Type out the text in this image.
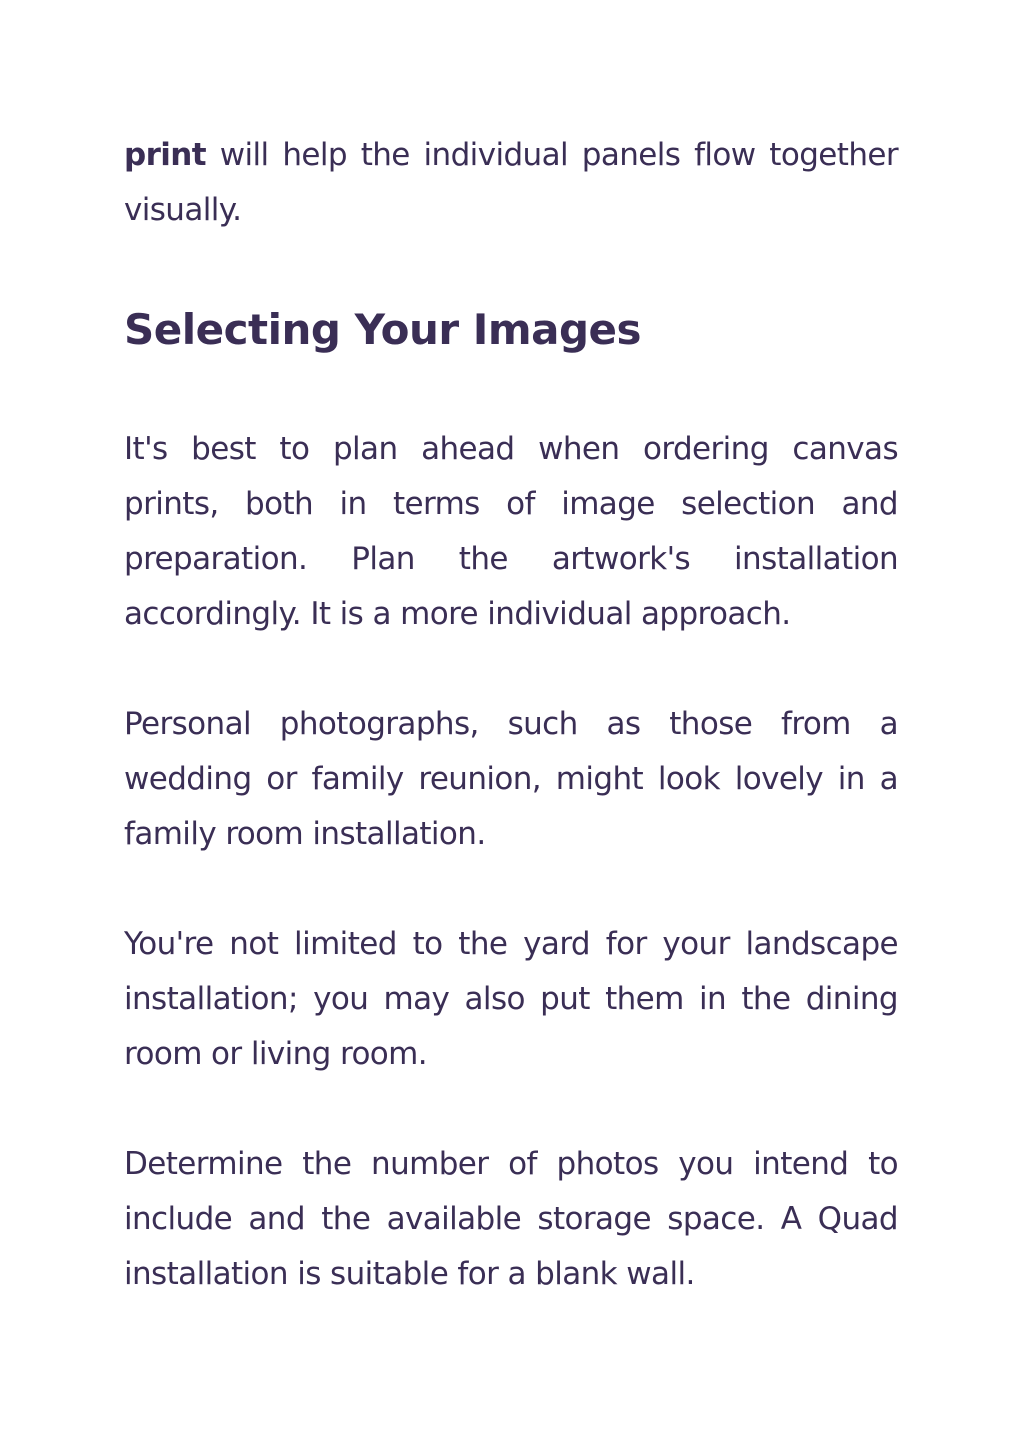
print will help the individual panels flow together visually.

Selecting Your Images

It's best to plan ahead when ordering canvas prints, both in terms of image selection and preparation. Plan the artwork's installation accordingly. It is a more individual approach.

Personal photographs, such as those from a wedding or family reunion, might look lovely in a family room installation.

You're not limited to the yard for your landscape installation; you may also put them in the dining room or living room.

Determine the number of photos you intend to include and the available storage space. A Quad installation is suitable for a blank wall.
